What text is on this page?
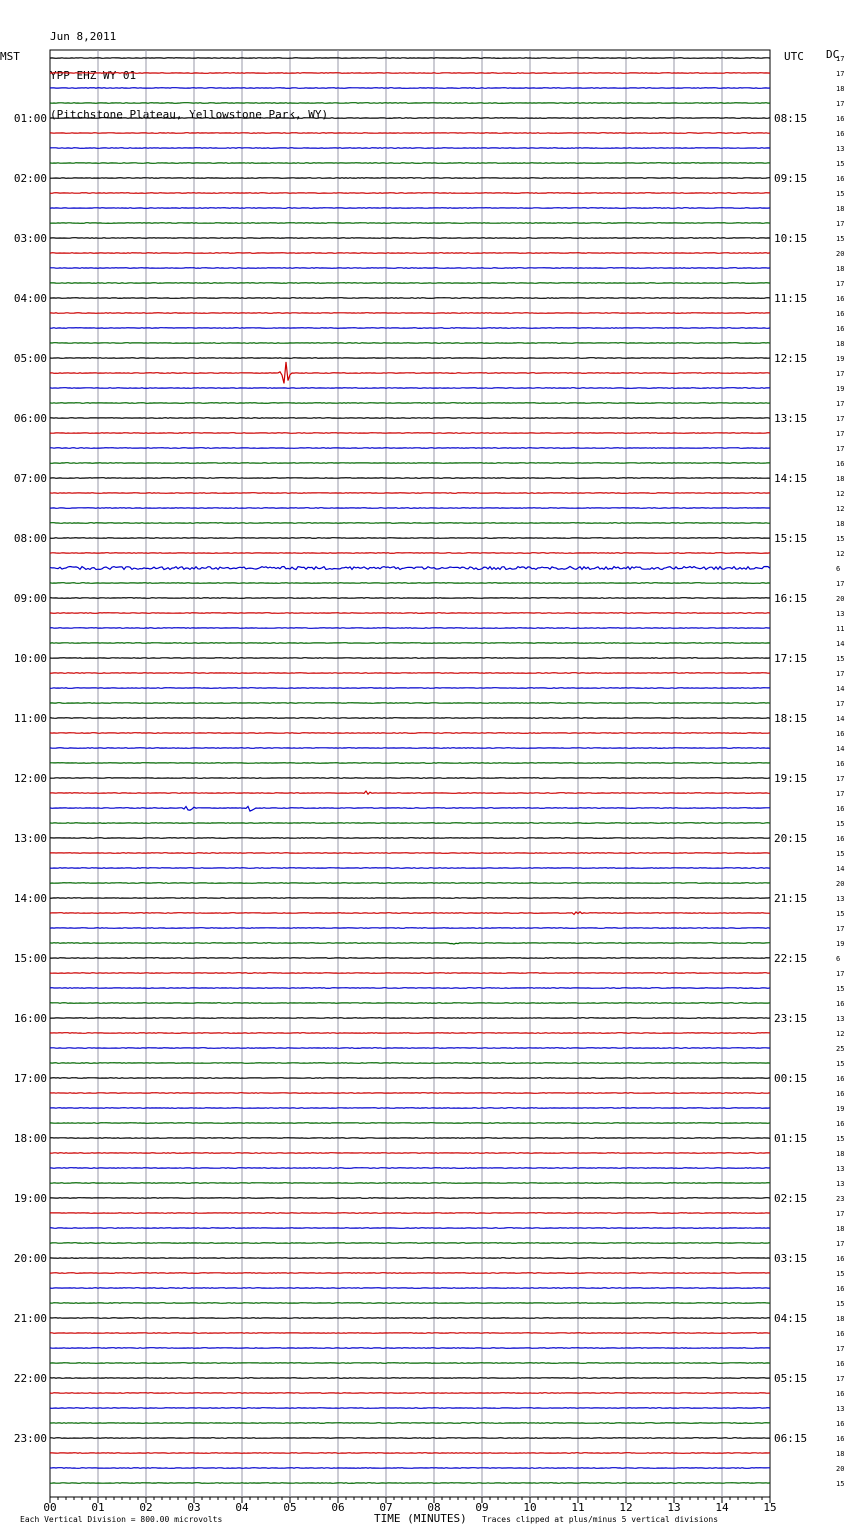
Jun 8,2011

YPP EHZ WY 01

(Pitchstone Plateau, Yellowstone Park, WY)

MST	UTC DC
17
17
18
17
16
16
13
15
16
15
18
17
15
20
18
17
16
16
16
18
19
17
19
17
17
17
17
16
18
12
12
18
15
12
6
17
20
13
11
14
15
17
14
17
14
16
14
16
17
17
16
15
16
15
14
20
13
15
17
19
6
17
15
16
13
12
25
15
16
16
19
16
15
18
13
13
23
17
18
17
16
15
16
15
18
16
17
16
17
16
13
16
16
18
20
15
01:00	08:15
02:00	09:15
03:00	10:15
04:00	11:15
05:00	12:15
06:00	13:15
07:00	14:15
08:00	15:15
09:00	16:15
10:00	17:15
11:00	18:15
12:00	19:15
13:00	20:15
14:00	21:15
15:00	22:15
16:00	23:15
17:00	00:15
18:00	01:15
19:00	02:15
20:00	03:15
21:00	04:15
22:00	05:15
23:00	06:15
00	01	02	03	04	05	06	07	08	09	10	11	12	13	14	15
Each Vertical Division = 800.00 microvolts	TIME (MINUTES) Traces clipped at plus/minus 5 vertical divisions
